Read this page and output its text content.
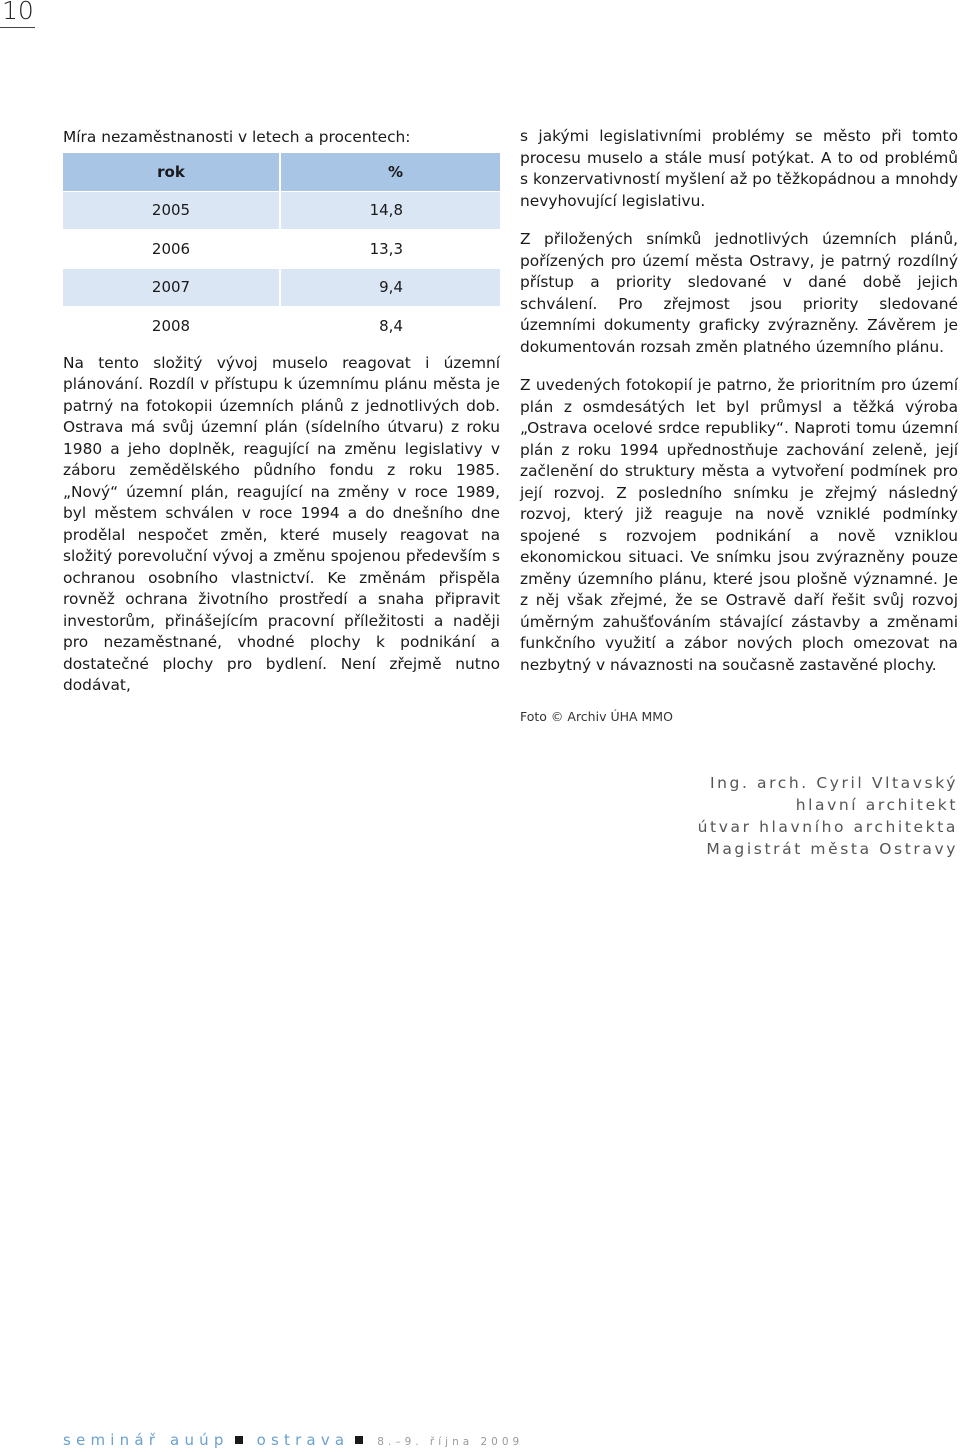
10
Míra nezaměstnanosti v letech a procentech:
rok	%
2005	14,8
2006	13,3
2007	9,4
2008	8,4

Na tento složitý vývoj muselo reagovat i územní plánování. Rozdíl v přístupu k územnímu plánu města je patrný na fotokopii územních plánů z jednotlivých dob. Ostrava má svůj územní plán (sídelního útvaru) z roku 1980 a jeho doplněk, reagující na změnu legislativy v záboru zemědělského půdního fondu z roku 1985. „Nový“ územní plán, reagující na změny v roce 1989, byl městem schválen v roce 1994 a do dnešního dne prodělal nespočet změn, které musely reagovat na složitý porevoluční vývoj a změnu spojenou především s ochranou osobního vlastnictví. Ke změnám přispěla rovněž ochrana životního prostředí a snaha připravit investorům, přinášejícím pracovní příležitosti a naději pro nezaměstnané, vhodné plochy k podnikání a dostatečné plochy pro bydlení. Není zřejmě nutno dodávat,

s jakými legislativními problémy se město při tomto procesu muselo a stále musí potýkat. A to od problémů s konzervativností myšlení až po těžkopádnou a mnohdy nevyhovující legislativu.

Z přiložených snímků jednotlivých územních plánů, pořízených pro území města Ostravy, je patrný rozdílný přístup a priority sledované v dané době jejich schválení. Pro zřejmost jsou priority sledované územními dokumenty graficky zvýrazněny. Závěrem je dokumentován rozsah změn platného územního plánu.

Z uvedených fotokopií je patrno, že prioritním pro území plán z osmdesátých let byl průmysl a těžká výroba „Ostrava ocelové srdce republiky“. Naproti tomu územní plán z roku 1994 upřednostňuje zachování zeleně, její začlenění do struktury města a vytvoření podmínek pro její rozvoj. Z posledního snímku je zřejmý následný rozvoj, který již reaguje na nově vzniklé podmínky spojené s rozvojem podnikání a nově vzniklou ekonomickou situaci. Ve snímku jsou zvýrazněny pouze změny územního plánu, které jsou plošně významné. Je z něj však zřejmé, že se Ostravě daří řešit svůj rozvoj úměrným zahušťováním stávající zástavby a změnami funkčního využití a zábor nových ploch omezovat na nezbytný v návaznosti na současně zastavěné plochy.

Foto © Archiv ÚHA MMO
Ing. arch. Cyril Vltavský
hlavní architekt
útvar hlavního architekta
Magistrát města Ostravy
seminář auúp ostrava	8.–9. října 2009
